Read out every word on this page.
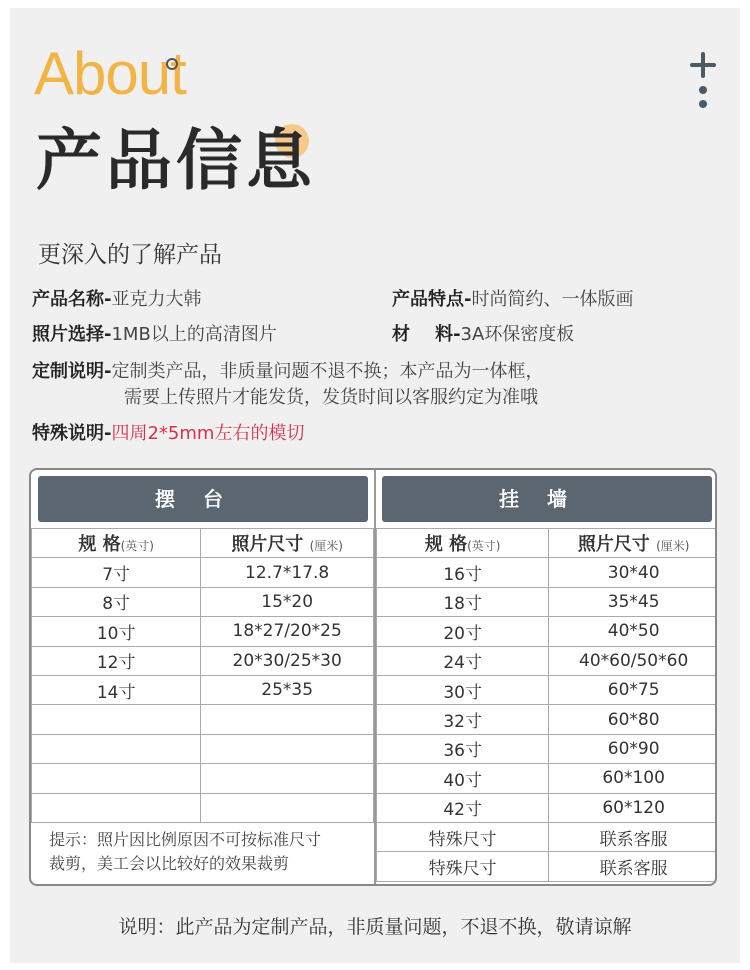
About
产品信息
更深入的了解产品
产品名称-亚克力大韩	产品特点-时尚简约、一体版画
照片选择-1MB以上的高清图片	材    料-3A环保密度板
定制说明-定制类产品，非质量问题不退不换；本产品为一体框，
需要上传照片才能发货，发货时间以客服约定为准哦
特殊说明-四周2*5mm左右的模切
摆台	挂墙
规 格(英寸)	照片尺寸 (厘米)
7寸	12.7*17.8
8寸	15*20
10寸	18*27/20*25
12寸	20*30/25*30
14寸	25*35

提示：照片因比例原因不可按标准尺寸
裁剪，美工会以比较好的效果裁剪
规 格(英寸)	照片尺寸 (厘米)
16寸	30*40
18寸	35*45
20寸	40*50
24寸	40*60/50*60
30寸	60*75
32寸	60*80
36寸	60*90
40寸	60*100
42寸	60*120
特殊尺寸	联系客服
特殊尺寸	联系客服
说明：此产品为定制产品，非质量问题，不退不换，敬请谅解
